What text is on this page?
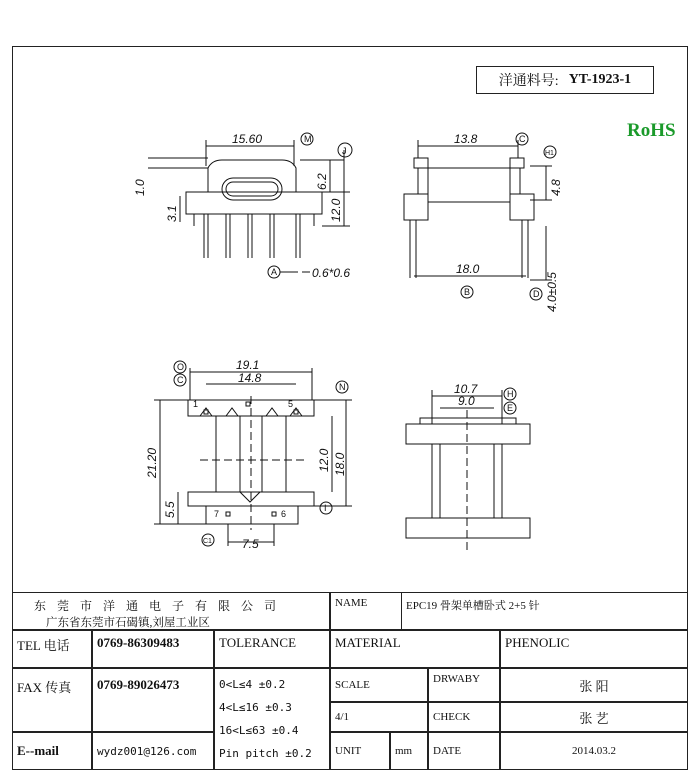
洋通料号: YT-1923-1
RoHS
15.60	M
J
6.2
12.0
1.0
3.1
A	0.6*0.6
13.8	C
H1
4.8
18.0
B	D 4.0±0.5
O
C
19.1
14.8
N
1	5
21.20	12.0 18.0
5.5	I
7	6
C1	7.5
10.7	H
9.0	E
东 莞 市 洋 通 电 子 有 限 公 司
广东省东莞市石碣镇,刘屋工业区
NAME	EPC19 骨架单槽卧式 2+5 针
TEL 电话	0769-86309483	TOLERANCE	MATERIAL	PHENOLIC
FAX 传真	0769-89026473	0<L≤4 ±0.2
4<L≤16 ±0.3
16<L≤63 ±0.4
Pin pitch ±0.2
SCALE	DRWABY	张 阳
4/1	CHECK	张 艺
E--mail	wydz001@126.com	UNIT	mm	DATE	2014.03.2
